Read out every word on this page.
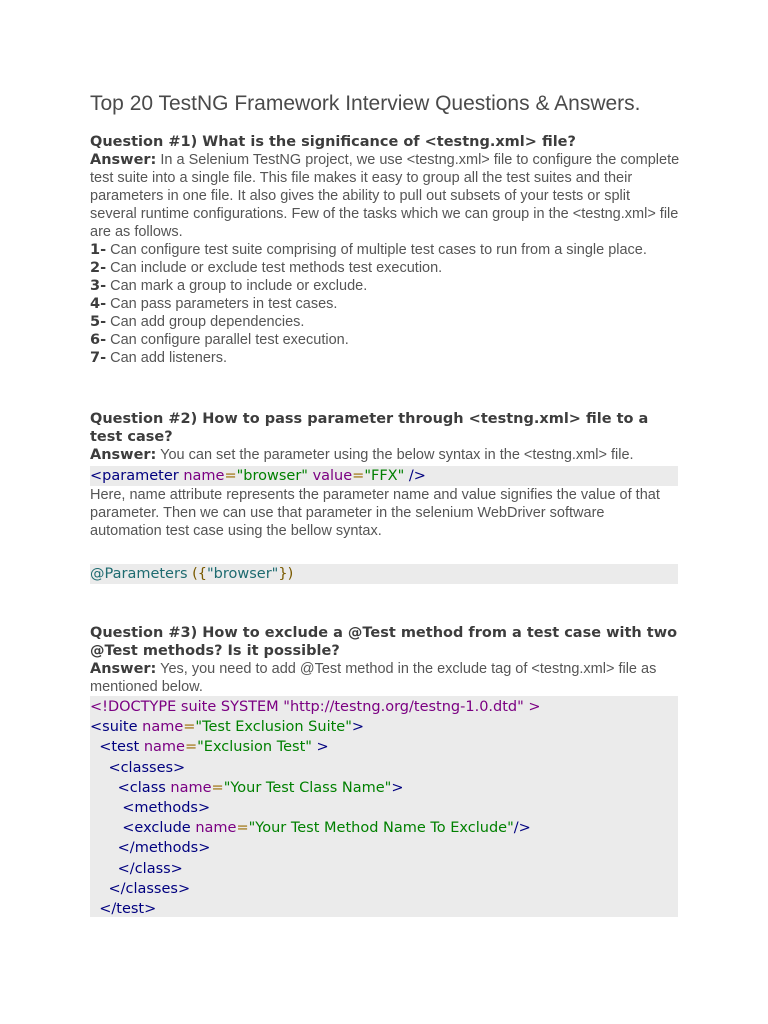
Top 20 TestNG Framework Interview Questions & Answers.

Question #1) What is the significance of <testng.xml> file?

Answer: In a Selenium TestNG project, we use <testng.xml> file to configure the complete test suite into a single file. This file makes it easy to group all the test suites and their parameters in one file. It also gives the ability to pull out subsets of your tests or split several runtime configurations. Few of the tasks which we can group in the <testng.xml> file are as follows.

1- Can configure test suite comprising of multiple test cases to run from a single place.

2- Can include or exclude test methods test execution.

3- Can mark a group to include or exclude.

4- Can pass parameters in test cases.

5- Can add group dependencies.

6- Can configure parallel test execution.

7- Can add listeners.

Question #2) How to pass parameter through <testng.xml> file to a test case?

Answer: You can set the parameter using the below syntax in the <testng.xml> file.

<parameter name="browser" value="FFX" />

Here, name attribute represents the parameter name and value signifies the value of that parameter. Then we can use that parameter in the selenium WebDriver software automation test case using the bellow syntax.

@Parameters ({"browser"})

Question #3) How to exclude a @Test method from a test case with two @Test methods? Is it possible?

Answer: Yes, you need to add @Test method in the exclude tag of <testng.xml> file as mentioned below.

<!DOCTYPE suite SYSTEM "http://testng.org/testng-1.0.dtd" >
<suite name="Test Exclusion Suite">
<test name="Exclusion Test" >
<classes>
<class name="Your Test Class Name">
<methods>
<exclude name="Your Test Method Name To Exclude"/>
</methods>
</class>
</classes>
</test>
